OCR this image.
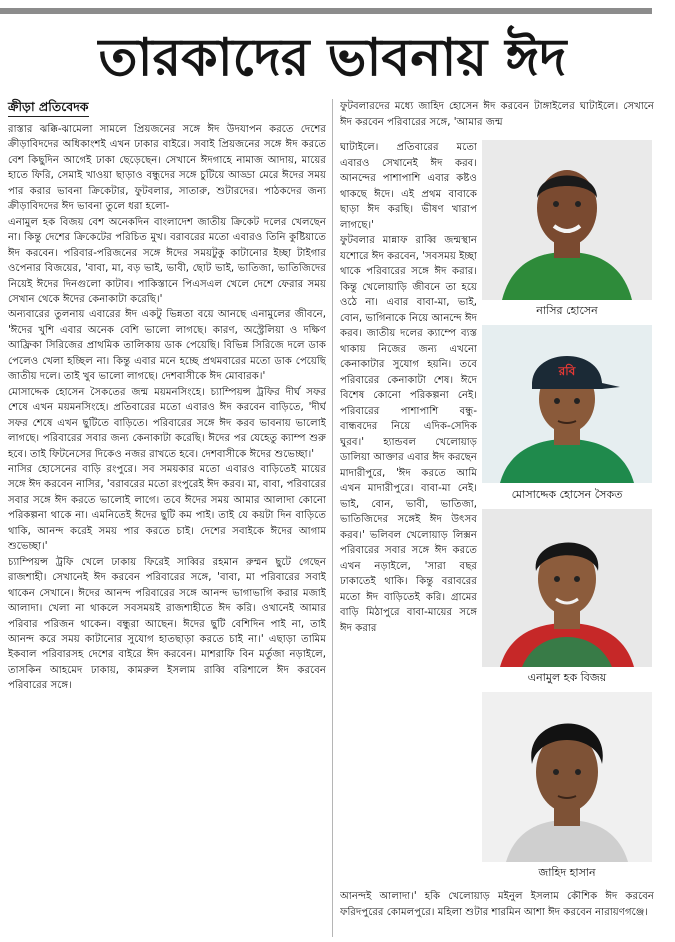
তারকাদের ভাবনায় ঈদ
ক্রীড়া প্রতিবেদক

রাস্তার ঝক্কি-ঝামেলা সামলে প্রিয়জনের সঙ্গে ঈদ উদযাপন করতে দেশের ক্রীড়াবিদদের অধিকাংশই এখন ঢাকার বাইরে। সবাই প্রিয়জনের সঙ্গে ঈদ করতে বেশ কিছুদিন আগেই ঢাকা ছেড়েছেন। সেখানে ঈদগাহে নামাজ আদায়, মায়ের হাতে ফিরি, সেমাই খাওয়া ছাড়াও বন্ধুদের সঙ্গে চুটিয়ে আড্ডা মেরে ঈদের সময় পার করার ভাবনা ক্রিকেটার, ফুটবলার, সাতারু, শুটারদের। পাঠকদের জন্য ক্রীড়াবিদদের ঈদ ভাবনা তুলে ধরা হলো-

এনামুল হক বিজয় বেশ অনেকদিন বাংলাদেশ জাতীয় ক্রিকেট দলের খেলছেন না। কিন্তু দেশের ক্রিকেটের পরিচিত মুখ। বরাবরের মতো এবারও তিনি কুষ্টিয়াতে ঈদ করবেন। পরিবার-পরিজনের সঙ্গে ঈদের সময়টুকু কাটানোর ইচ্ছা টাইগার ওপেনার বিজয়ের, 'বাবা, মা, বড় ভাই, ভাবী, ছোট ভাই, ভাতিজা, ভাতিজিদের নিয়েই ঈদের দিনগুলো কাটাব। পাকিস্তানে পিএসএল খেলে দেশে ফেরার সময় সেখান থেকে ঈদের কেনাকাটা করেছি।'

অন্যবারের তুলনায় এবারের ঈদ একটু ভিন্নতা বয়ে আনছে এনামুলের জীবনে, 'ঈদের খুশি এবার অনেক বেশি ভালো লাগছে। কারণ, অস্ট্রেলিয়া ও দক্ষিণ আফ্রিকা সিরিজের প্রাথমিক তালিকায় ডাক পেয়েছি। বিভিন্ন সিরিজে দলে ডাক পেলেও খেলা হচ্ছিল না। কিন্তু এবার মনে হচ্ছে প্রথমবারের মতো ডাক পেয়েছি জাতীয় দলে। তাই খুব ভালো লাগছে। দেশবাসীকে ঈদ মোবারক।'

মোসাদ্দেক হোসেন সৈকতের জন্ম ময়মনসিংহে। চ্যাম্পিয়ন্স ট্রফির দীর্ঘ সফর শেষে এখন ময়মনসিংহে। প্রতিবারের মতো এবারও ঈদ করবেন বাড়িতে, 'দীর্ঘ সফর শেষে এখন ছুটিতে বাড়িতে। পরিবারের সঙ্গে ঈদ করব ভাবনায় ভালোই লাগছে। পরিবারের সবার জন্য কেনাকাটা করেছি। ঈদের পর যেহেতু ক্যাম্প শুরু হবে। তাই ফিটনেসের দিকেও নজর রাখতে হবে। দেশবাসীকে ঈদের শুভেচ্ছা।'

নাসির হোসেনের বাড়ি রংপুরে। সব সময়কার মতো এবারও বাড়িতেই মায়ের সঙ্গে ঈদ করবেন নাসির, 'বরাবরের মতো রংপুরেই ঈদ করব। মা, বাবা, পরিবারের সবার সঙ্গে ঈদ করতে ভালোই লাগে। তবে ঈদের সময় আমার আলাদা কোনো পরিকল্পনা থাকে না। এমনিতেই ঈদের ছুটি কম পাই। তাই যে কয়টা দিন বাড়িতে থাকি, আনন্দ করেই সময় পার করতে চাই। দেশের সবাইকে ঈদের আগাম শুভেচ্ছা।'

চ্যাম্পিয়ন্স ট্রফি খেলে ঢাকায় ফিরেই সাব্বির রহমান রুম্মন ছুটে গেছেন রাজশাহী। সেখানেই ঈদ করবেন পরিবারের সঙ্গে, 'বাবা, মা পরিবারের সবাই থাকেন সেখানে। ঈদের আনন্দ পরিবারের সঙ্গে আনন্দ ভাগাভাগি করার মজাই আলাদা। খেলা না থাকলে সবসময়ই রাজশাহীতে ঈদ করি। ওখানেই আমার পরিবার পরিজন থাকেন। বন্ধুরা আছেন। ঈদের ছুটি বেশিদিন পাই না, তাই আনন্দ করে সময় কাটানোর সুযোগ হাতছাড়া করতে চাই না।' এছাড়া তামিম ইকবাল পরিবারসহ দেশের বাইরে ঈদ করবেন। মাশরাফি বিন মর্তুজা নড়াইলে, তাসকিন আহমেদ ঢাকায়, কামরুল ইসলাম রাব্বি বরিশালে ঈদ করবেন পরিবারের সঙ্গে।

ফুটবলারদের মধ্যে জাহিদ হোসেন ঈদ করবেন টাঙ্গাইলের ঘাটাইলে। সেখানে ঈদ করবেন পরিবারের সঙ্গে, 'আমার জন্ম

ঘাটাইলে। প্রতিবারের মতো এবারও সেখানেই ঈদ করব। আনন্দের পাশাপাশি এবার কষ্টও থাকছে ঈদে। এই প্রথম বাবাকে ছাড়া ঈদ করছি। ভীষণ খারাপ লাগছে।'

ফুটবলার মান্নাফ রাব্বি জন্মস্থান যশোরে ঈদ করবেন, 'সবসময় ইচ্ছা থাকে পরিবারের সঙ্গে ঈদ করার। কিন্তু খেলোয়াড়ি জীবনে তা হয়ে ওঠে না। এবার বাবা-মা, ভাই, বোন, ভাগিনাকে নিয়ে আনন্দে ঈদ করব। জাতীয় দলের ক্যাম্পে ব্যস্ত থাকায় নিজের জন্য এখনো কেনাকাটার সুযোগ হয়নি। তবে পরিবারের কেনাকাটা শেষ। ঈদে বিশেষ কোনো পরিকল্পনা নেই। পরিবারের পাশাপাশি বন্ধু-বান্ধবদের নিয়ে এদিক-সেদিক ঘুরব।' হ্যান্ডবল খেলোয়াড় ডালিয়া আক্তার এবার ঈদ করছেন মাদারীপুরে, 'ঈদ করতে আমি এখন মাদারীপুরে। বাবা-মা নেই। ভাই, বোন, ভাবী, ভাতিজা, ভাতিজিদের সঙ্গেই ঈদ উৎসব করব।' ভলিবল খেলোয়াড় লিক্সন পরিবারের সবার সঙ্গে ঈদ করতে এখন নড়াইলে, 'সারা বছর ঢাকাতেই থাকি। কিন্তু বরাবরের মতো ঈদ বাড়িতেই করি। গ্রামের বাড়ি মিঠাপুরে বাবা-মায়ের সঙ্গে ঈদ করার

আনন্দই আলাদা।' হকি খেলোয়াড় মইনুল ইসলাম কৌশিক ঈদ করবেন ফরিদপুরের কোমলপুরে। মহিলা শুটার শারমিন আশা ঈদ করবেন নারায়ণগঞ্জে।

নাসির হোসেন
রবি
মোসাদ্দেক হোসেন সৈকত
এনামুল হক বিজয়
জাহিদ হাসান
